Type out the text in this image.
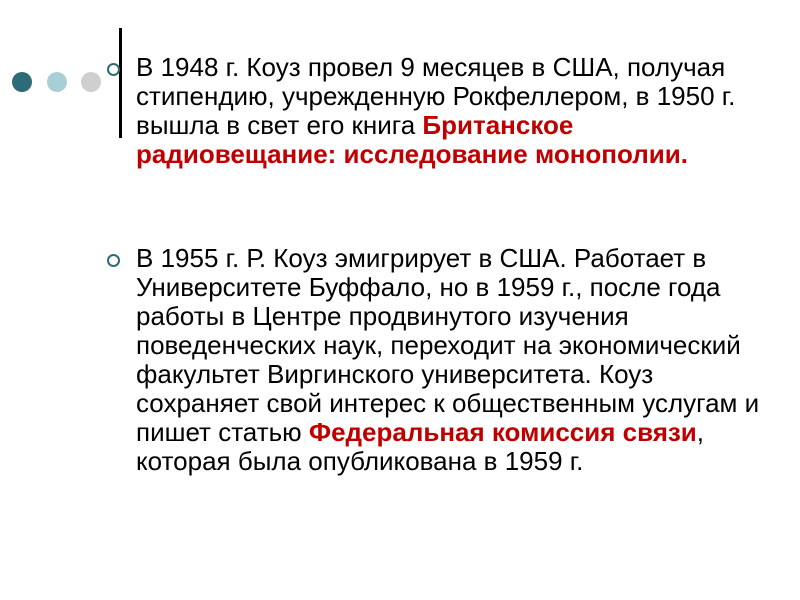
В 1948 г. Коуз провел 9 месяцев в США, получая стипендию, учрежденную Рокфеллером, в 1950 г. вышла в свет его книга Британское радиовещание: исследование монополии.

В 1955 г. Р. Коуз эмигрирует в США. Работает в Университете Буффало, но в 1959 г., после года работы в Центре продвинутого изучения поведенческих наук, переходит на экономический факультет Виргинского университета. Коуз сохраняет свой интерес к общественным услугам и пишет статью Федеральная комиссия связи, которая была опубликована в 1959 г.
